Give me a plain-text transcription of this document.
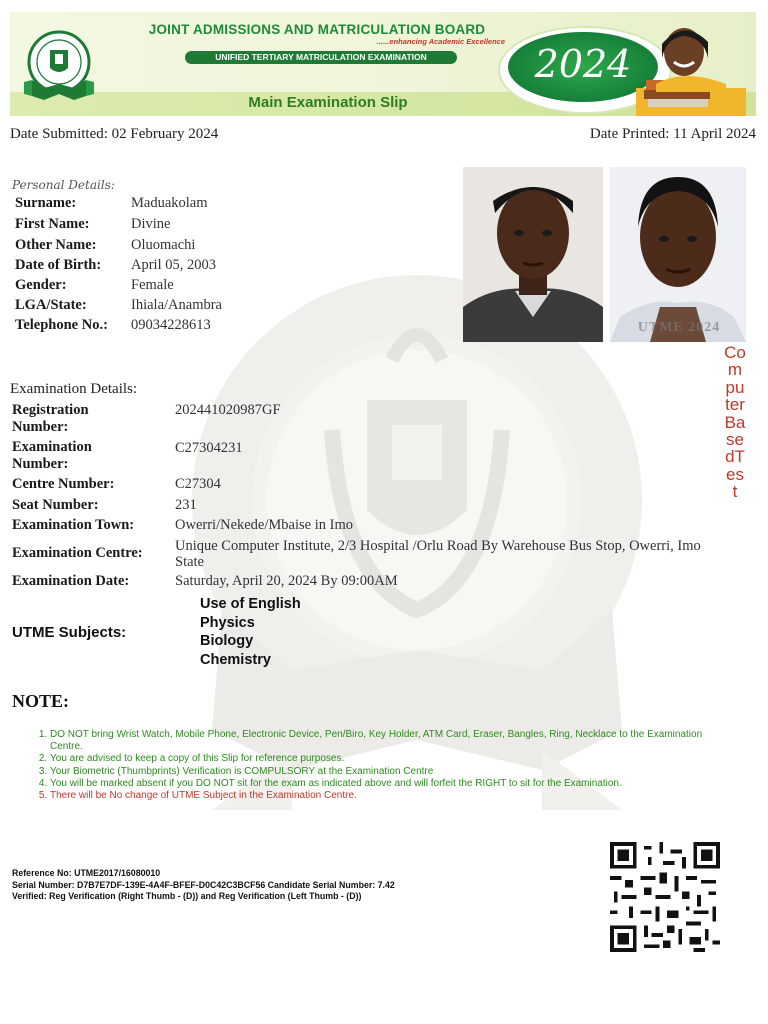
JOINT ADMISSIONS AND MATRICULATION BOARD
......enhancing Academic Excellence
UNIFIED TERTIARY MATRICULATION EXAMINATION
Main Examination Slip
2024
Date Submitted: 02 February 2024	Date Printed: 11 April 2024
Personal Details:
Surname:	Maduakolam
First Name:	Divine
Other Name: Oluomachi
Date of Birth: April 05, 2003
Gender:	Female
LGA/State:	Ihiala/Anambra
Telephone No.: 09034228613	UTME 2024
ComputerBasedTest
Examination Details:
Registration Number:
202441020987GF
Examination Number:
C27304231
Centre Number:	C27304
Seat Number:	231
Examination Town:	Owerri/Nekede/Mbaise in Imo
Examination Centre: Unique Computer Institute, 2/3 Hospital /Orlu Road By Warehouse Bus Stop, Owerri, Imo State
Examination Date:	Saturday, April 20, 2024 By 09:00AM
UTME Subjects:
Use of English
Physics
Biology
Chemistry
NOTE:
1. DO NOT bring Wrist Watch, Mobile Phone, Electronic Device, Pen/Biro, Key Holder, ATM Card, Eraser, Bangles, Ring, Necklace to the Examination Centre.
2. You are advised to keep a copy of this Slip for reference purposes.
3. Your Biometric (Thumbprints) Verification is COMPULSORY at the Examination Centre
4. You will be marked absent if you DO NOT sit for the exam as indicated above and will forfeit the RIGHT to sit for the Examination.
5. There will be No change of UTME Subject in the Examination Centre.
Reference No: UTME2017/16080010
Serial Number: D7B7E7DF-139E-4A4F-BFEF-D0C42C3BCF56 Candidate Serial Number: 7.42
Verified: Reg Verification (Right Thumb - (D)) and Reg Verification (Left Thumb - (D))
